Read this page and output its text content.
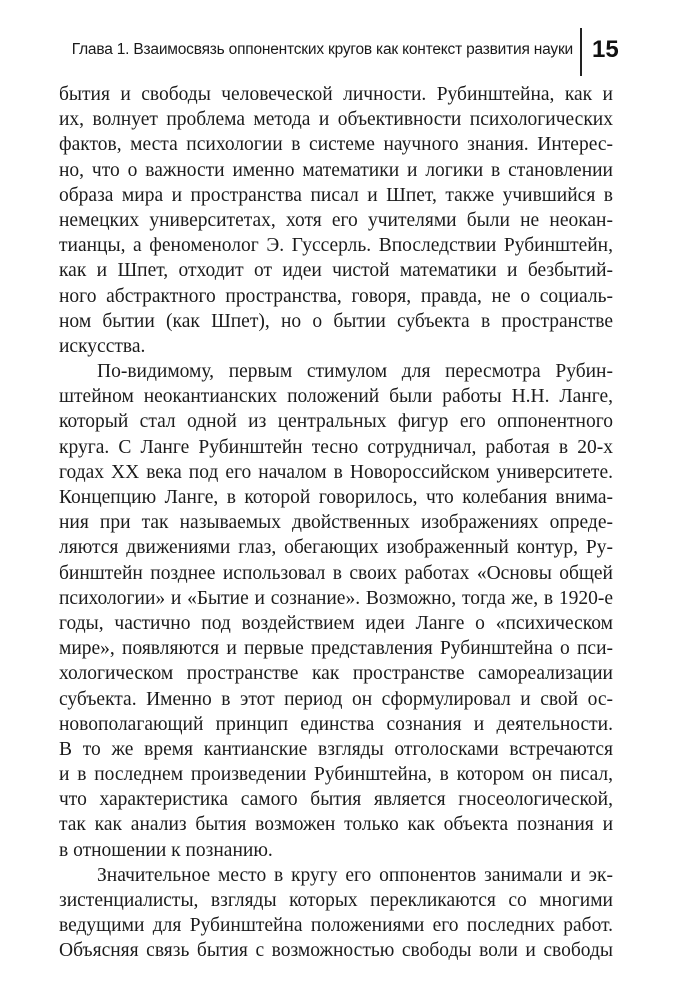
Глава 1. Взаимосвязь оппонентских кругов как контекст развития науки 15
бытия и свободы человеческой личности. Рубинштейна, как и
их, волнует проблема метода и объективности психологических
фактов, места психологии в системе научного знания. Интерес-
но, что о важности именно математики и логики в становлении
образа мира и пространства писал и Шпет, также учившийся в
немецких университетах, хотя его учителями были не неокан-
тианцы, а феноменолог Э. Гуссерль. Впоследствии Рубинштейн,
как и Шпет, отходит от идеи чистой математики и безбытий-
ного абстрактного пространства, говоря, правда, не о социаль-
ном бытии (как Шпет), но о бытии субъекта в пространстве
искусства.
По-видимому, первым стимулом для пересмотра Рубин-
штейном неокантианских положений были работы Н.Н. Ланге,
который стал одной из центральных фигур его оппонентного
круга. С Ланге Рубинштейн тесно сотрудничал, работая в 20-х
годах XX века под его началом в Новороссийском университете.
Концепцию Ланге, в которой говорилось, что колебания внима-
ния при так называемых двойственных изображениях опреде-
ляются движениями глаз, обегающих изображенный контур, Ру-
бинштейн позднее использовал в своих работах «Основы общей
психологии» и «Бытие и сознание». Возможно, тогда же, в 1920-е
годы, частично под воздействием идеи Ланге о «психическом
мире», появляются и первые представления Рубинштейна о пси-
хологическом пространстве как пространстве самореализации
субъекта. Именно в этот период он сформулировал и свой ос-
новополагающий принцип единства сознания и деятельности.
В то же время кантианские взгляды отголосками встречаются
и в последнем произведении Рубинштейна, в котором он писал,
что характеристика самого бытия является гносеологической,
так как анализ бытия возможен только как объекта познания и
в отношении к познанию.
Значительное место в кругу его оппонентов занимали и эк-
зистенциалисты, взгляды которых перекликаются со многими
ведущими для Рубинштейна положениями его последних работ.
Объясняя связь бытия с возможностью свободы воли и свободы
